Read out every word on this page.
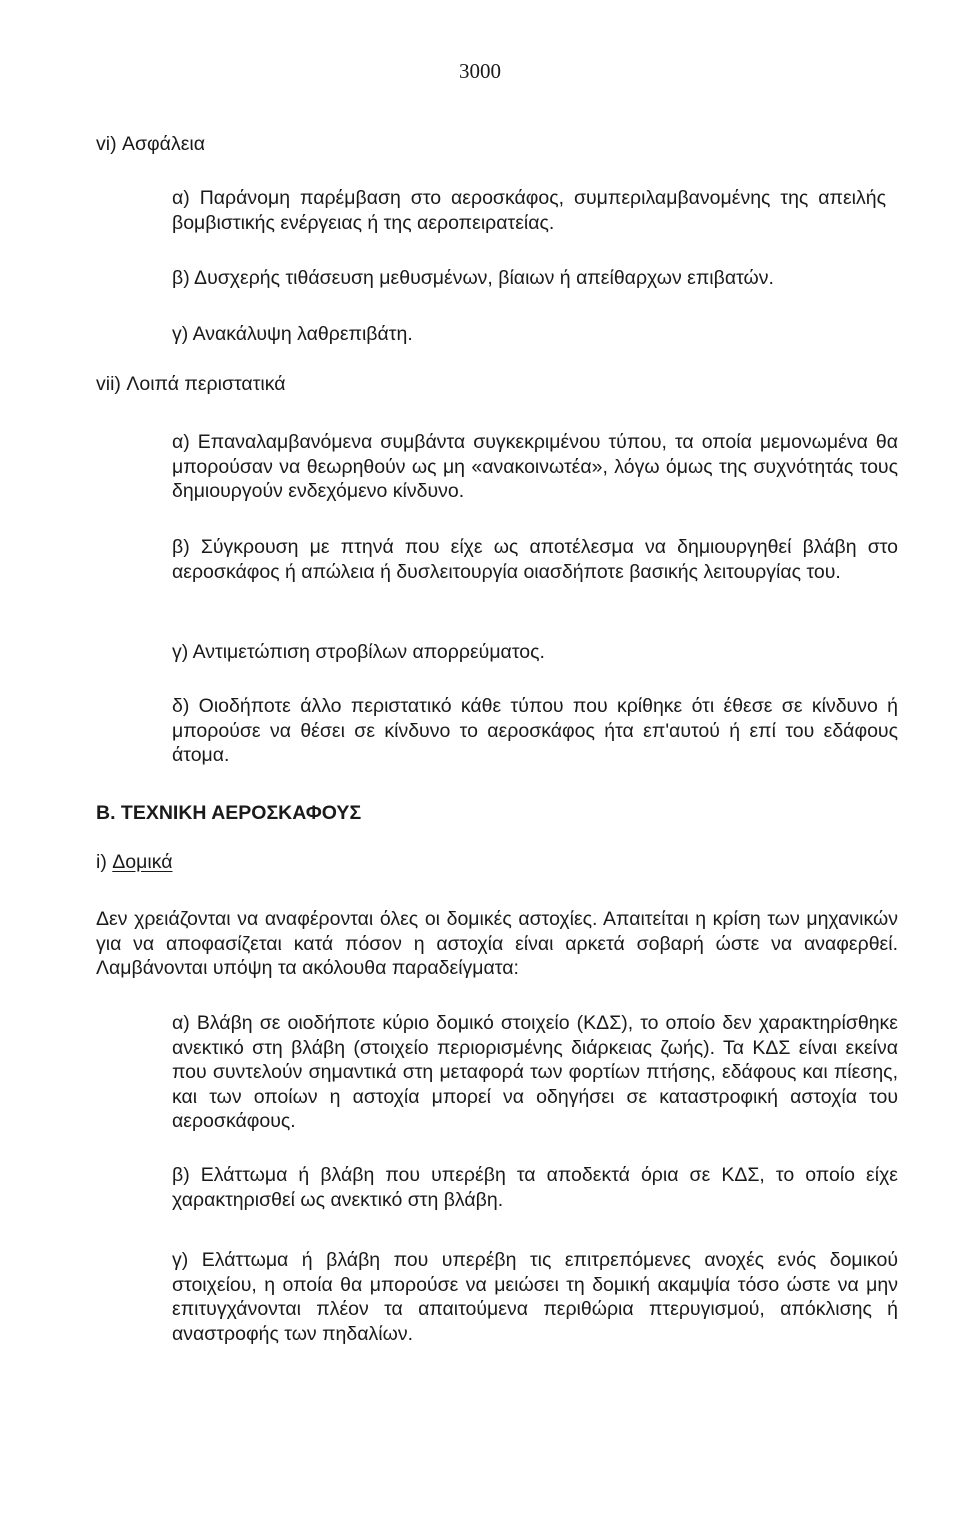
3000
vi) Ασφάλεια
α) Παράνομη παρέμβαση στο αεροσκάφος, συμπεριλαμβανομένης της απειλής βομβιστικής ενέργειας ή της αεροπειρατείας.
β) Δυσχερής τιθάσευση μεθυσμένων, βίαιων ή απείθαρχων επιβατών.
γ) Ανακάλυψη λαθρεπιβάτη.
vii) Λοιπά περιστατικά
α) Επαναλαμβανόμενα συμβάντα συγκεκριμένου τύπου, τα οποία μεμονωμένα θα μπορούσαν να θεωρηθούν ως μη «ανακοινωτέα», λόγω όμως της συχνότητάς τους δημιουργούν ενδεχόμενο κίνδυνο.
β) Σύγκρουση με πτηνά που είχε ως αποτέλεσμα να δημιουργηθεί βλάβη στο αεροσκάφος ή απώλεια ή δυσλειτουργία οιασδήποτε βασικής λειτουργίας του.
γ) Αντιμετώπιση στροβίλων απορρεύματος.
δ) Οιοδήποτε άλλο περιστατικό κάθε τύπου που κρίθηκε ότι έθεσε σε κίνδυνο ή μπορούσε να θέσει σε κίνδυνο το αεροσκάφος ήτα επ'αυτού ή επί του εδάφους άτομα.
Β. ΤΕΧΝΙΚΗ ΑΕΡΟΣΚΑΦΟΥΣ
i) Δομικά
Δεν χρειάζονται να αναφέρονται όλες οι δομικές αστοχίες. Απαιτείται η κρίση των μηχανικών για να αποφασίζεται κατά πόσον η αστοχία είναι αρκετά σοβαρή ώστε να αναφερθεί. Λαμβάνονται υπόψη τα ακόλουθα παραδείγματα:
α) Βλάβη σε οιοδήποτε κύριο δομικό στοιχείο (ΚΔΣ), το οποίο δεν χαρακτηρίσθηκε ανεκτικό στη βλάβη (στοιχείο περιορισμένης διάρκειας ζωής). Τα ΚΔΣ είναι εκείνα που συντελούν σημαντικά στη μεταφορά των φορτίων πτήσης, εδάφους και πίεσης, και των οποίων η αστοχία μπορεί να οδηγήσει σε καταστροφική αστοχία του αεροσκάφους.
β) Ελάττωμα ή βλάβη που υπερέβη τα αποδεκτά όρια σε ΚΔΣ, το οποίο είχε χαρακτηρισθεί ως ανεκτικό στη βλάβη.
γ) Ελάττωμα ή βλάβη που υπερέβη τις επιτρεπόμενες ανοχές ενός δομικού στοιχείου, η οποία θα μπορούσε να μειώσει τη δομική ακαμψία τόσο ώστε να μην επιτυγχάνονται πλέον τα απαιτούμενα περιθώρια πτερυγισμού, απόκλισης ή αναστροφής των πηδαλίων.
